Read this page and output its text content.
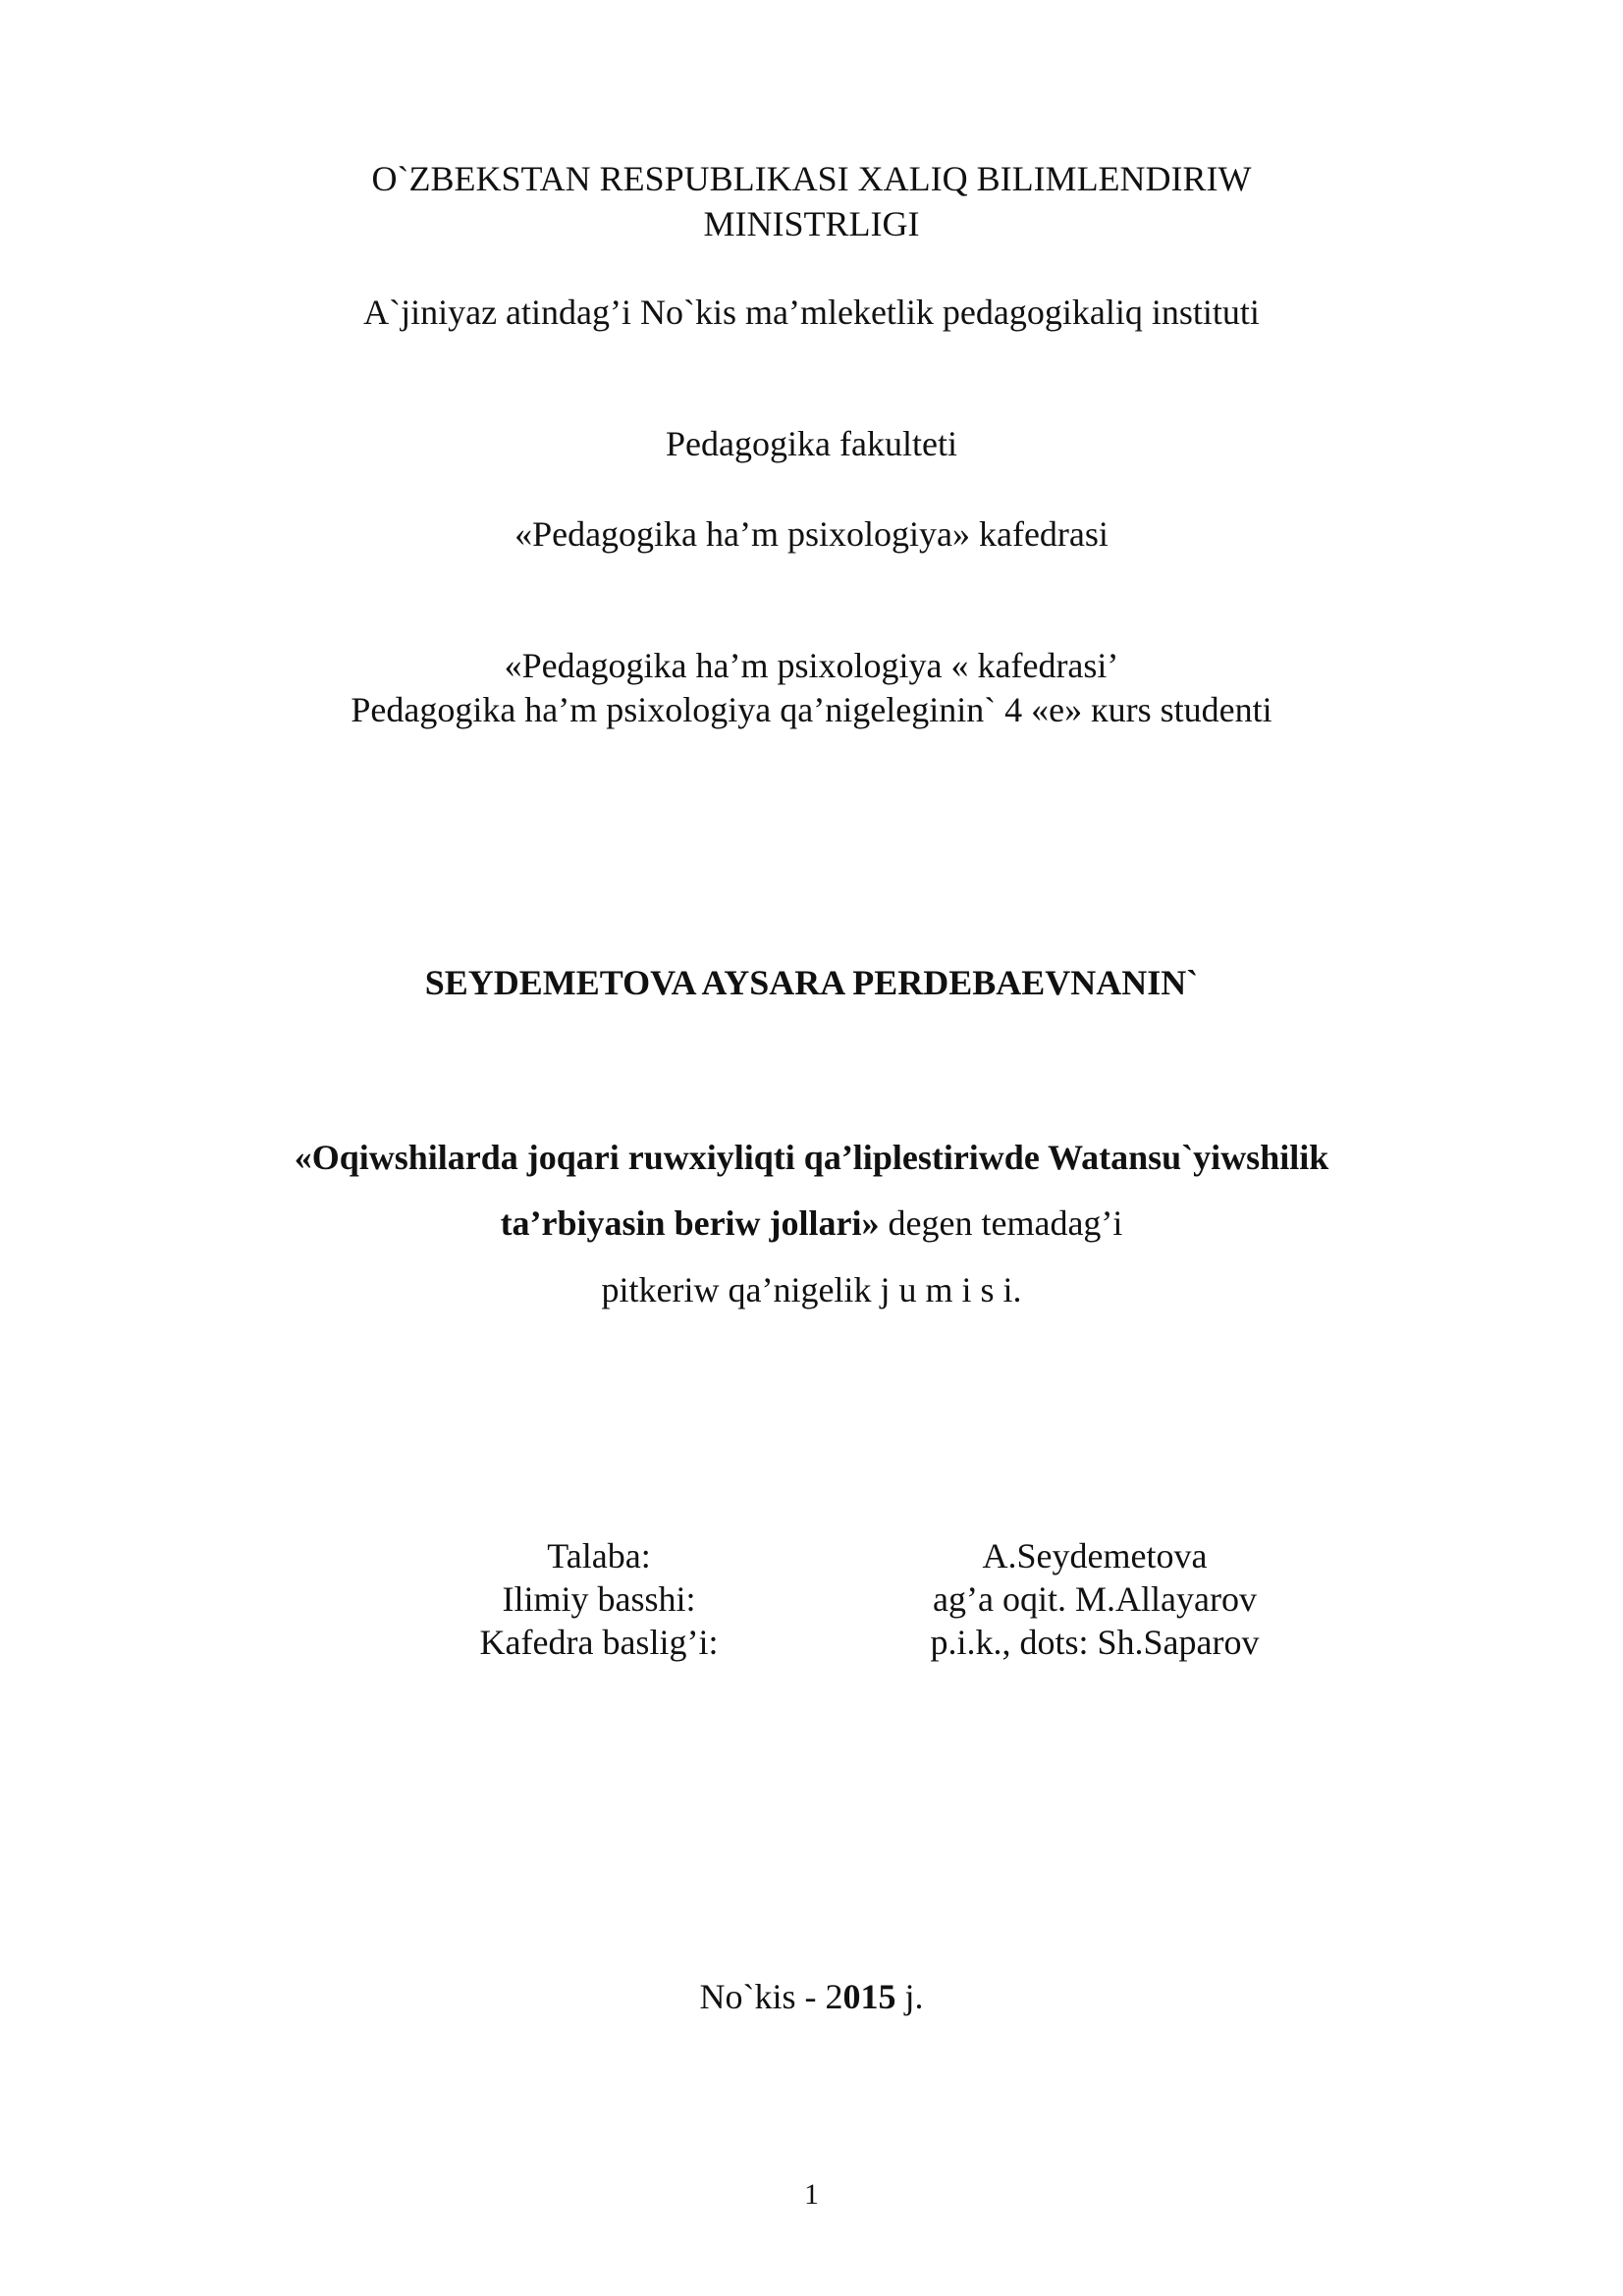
O`ZBEKSTAN RESPUBLIKASI XALIQ BILIMLENDIRIW
MINISTRLIGI
A`jiniyaz atindag’i No`kis ma’mleketlik pedagogikaliq instituti
Pedagogika fakulteti
«Pedagogika ha’m psixologiya» kafedrasi
«Pedagogika ha’m psixologiya « kafedrasi’
Pedagogika ha’m psixologiya qa’nigeleginin` 4 «e» кurs studenti
SEYDEMETOVA AYSARA PERDEBAEVNANIN`
«Oqiwshilarda joqari ruwxiyliqti qa’liplestiriwde Watansu`yiwshilik
ta’rbiyasin beriw jollari» degen temadag’i
pitkeriw qa’nigelik j u m i s i.
Talaba:	A.Seydemetova
Ilimiy basshi:	ag’a oqit. M.Allayarov
Kafedra baslig’i:	p.i.k., dots: Sh.Saparov
No`kis - 2015 j.
1
